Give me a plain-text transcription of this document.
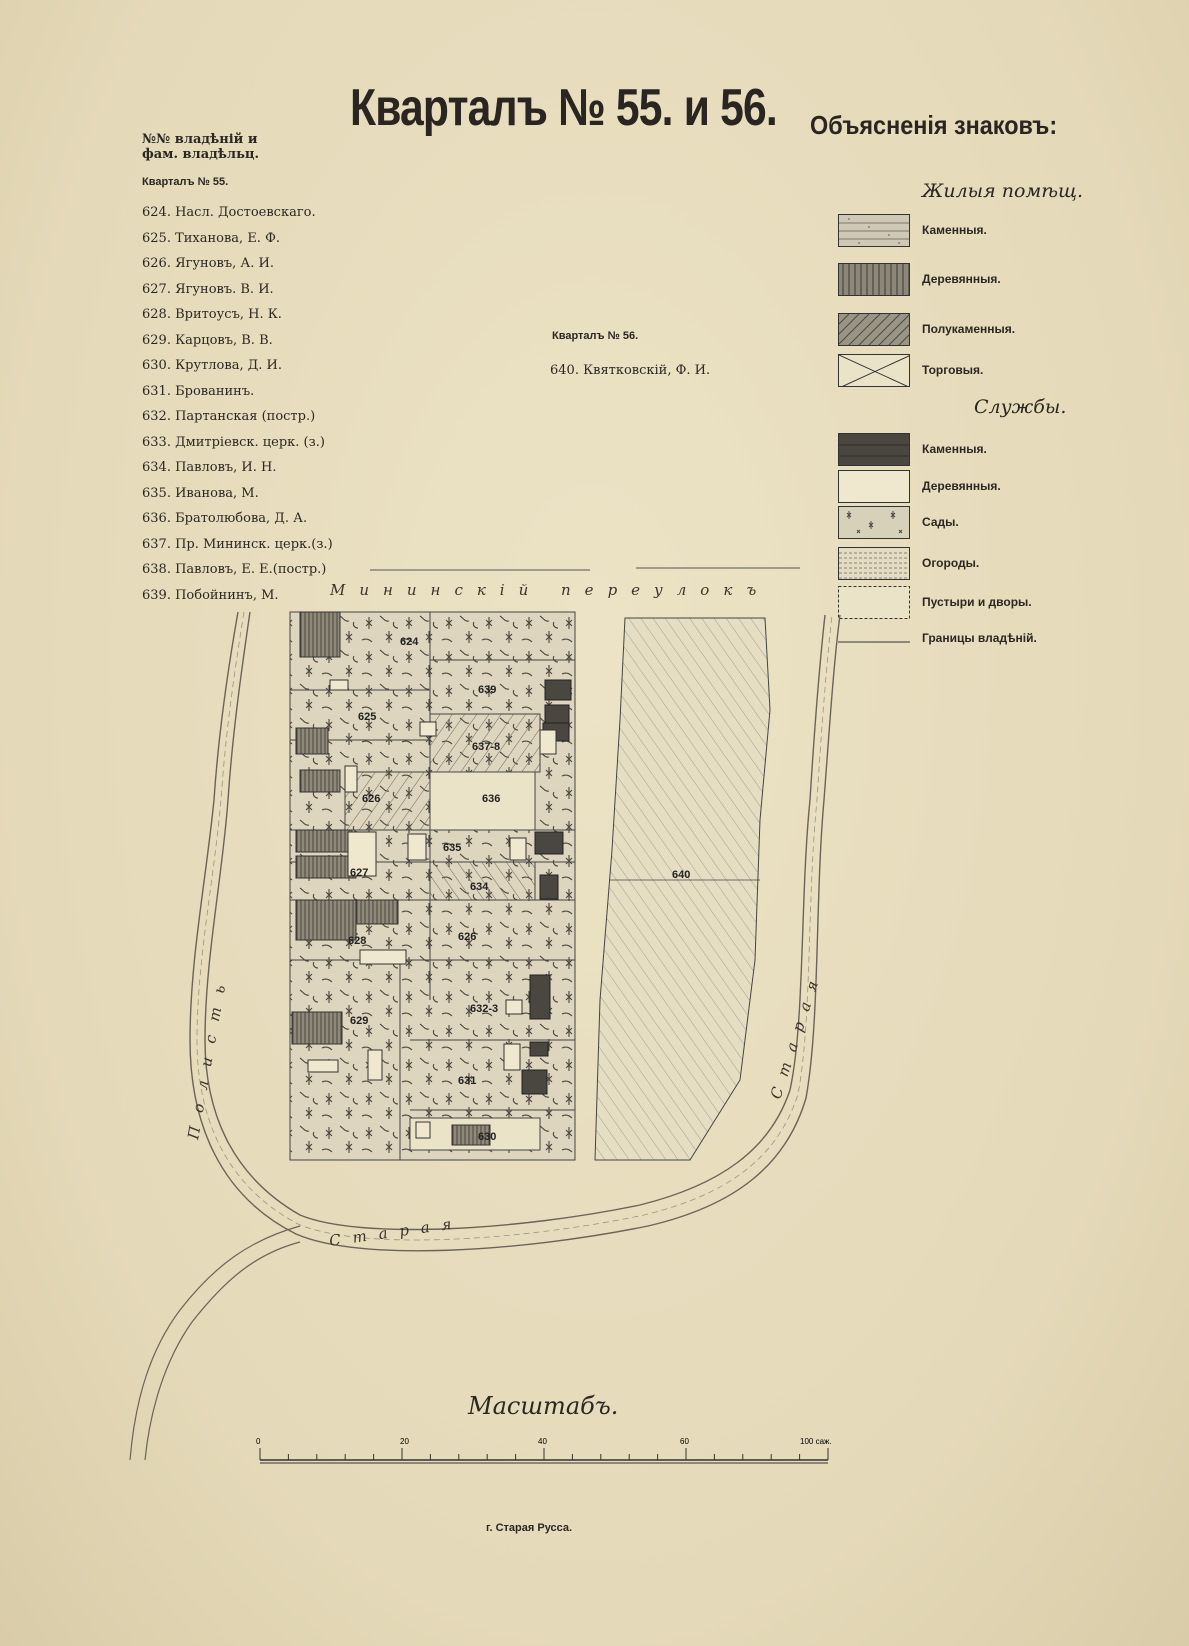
Кварталъ № 55. и 56. Объясненія знаковъ:
№№ владѣній и
фам. владѣльц.
Кварталъ № 55.
624. Насл. Достоевскаго.
625. Тиханова, Е. Ф.
626. Ягуновъ, А. И.
627. Ягуновъ. В. И.
628. Вритоусъ, Н. К.
629. Карцовъ, В. В.
630. Крутлова, Д. И.
631. Брованинъ.
632. Партанская (постр.)
633. Дмитріевск. церк. (з.)
634. Павловъ, И. Н.
635. Иванова, М.
636. Братолюбова, Д. А.
637. Пр. Мининск. церк.(з.)
638. Павловъ, Е. Е.(постр.)
639. Побойнинъ, М.
Кварталъ № 56.
640. Квятковскій, Ф. И.
Жилыя помѣщ.
Каменныя.
Деревянныя.
Полукаменныя.
Торговыя.
Службы.
Каменныя.
Деревянныя.
Сады.
Огороды.
Пустыри и дворы.
Границы владѣній.
624
639
625
637-8
626	636
635
627
634
640
628	626
632-3
629
631
630
Мининскій переулокъ
Старая
Полисть	Старая
Масштабъ.
0	20	40	60	100 саж.
г. Старая Русса.
